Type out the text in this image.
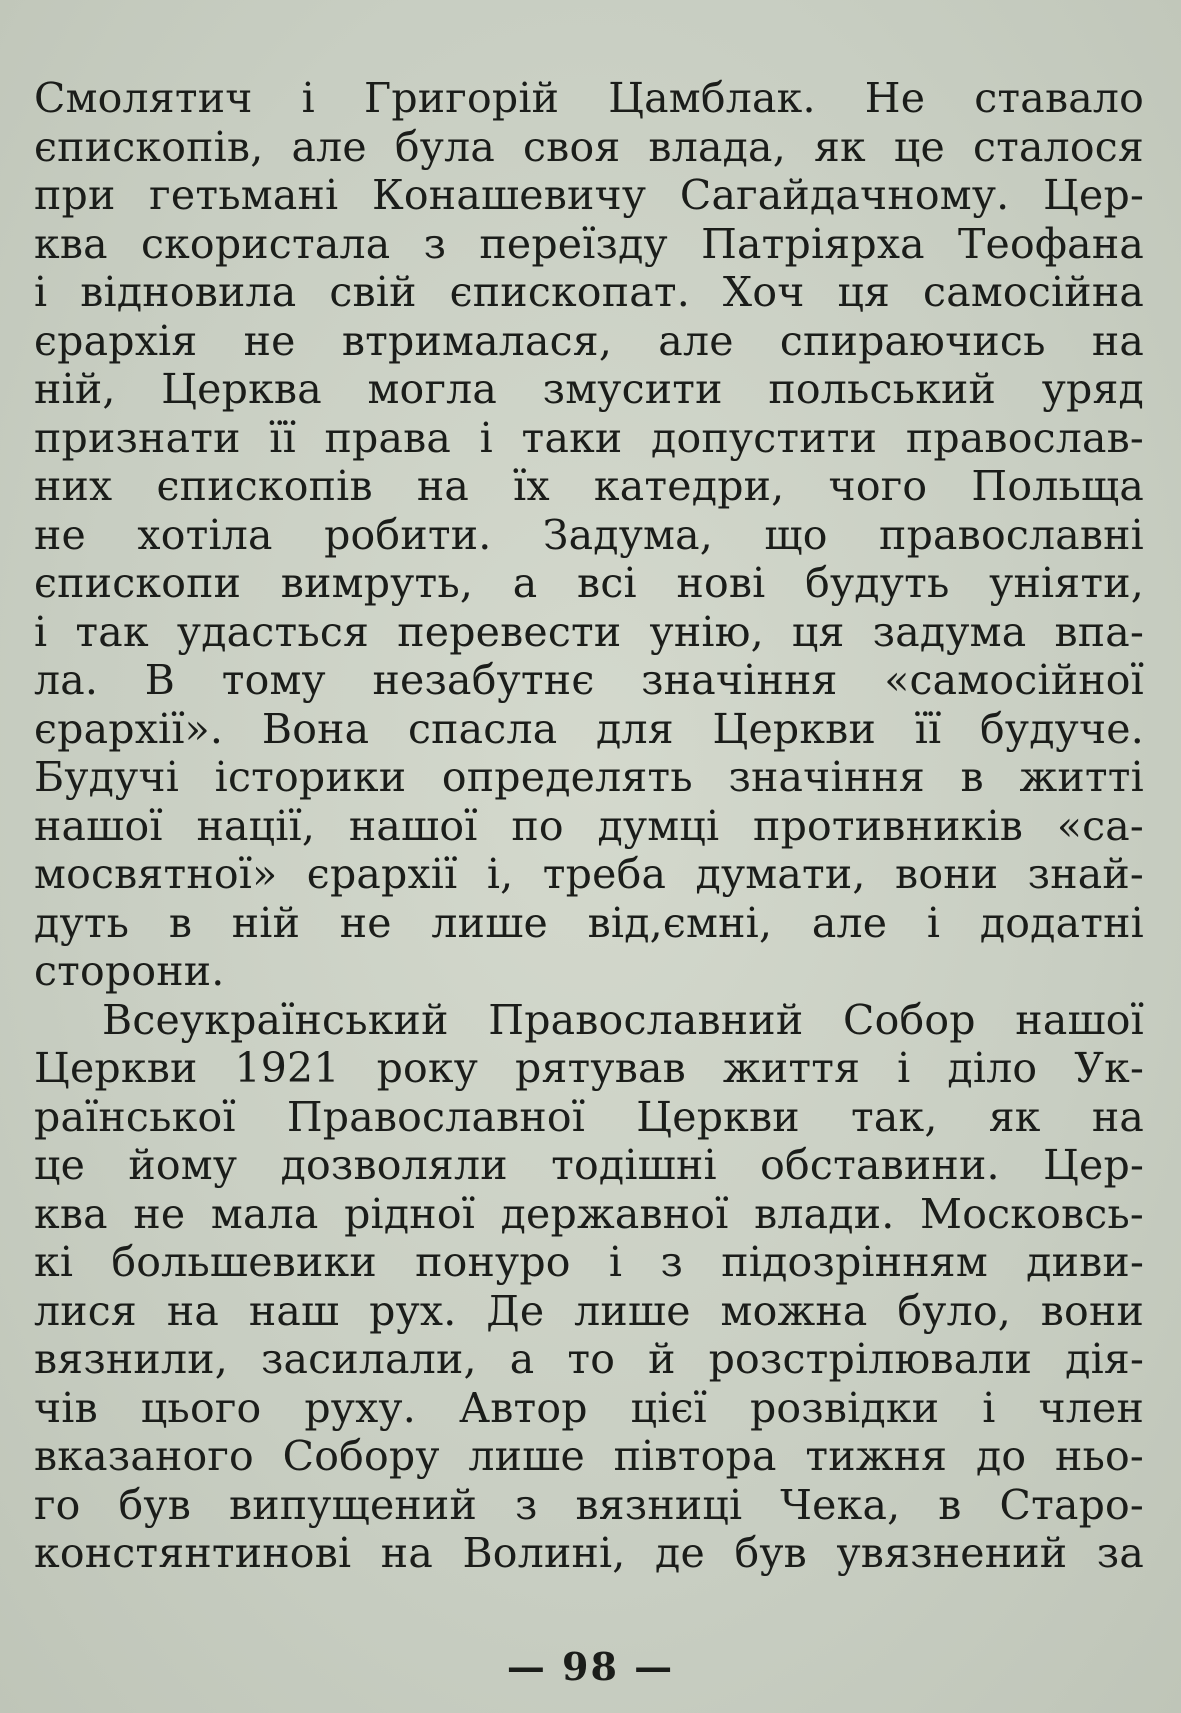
Смолятич і Григорій Цамблак. Не ставало
єпископів, але була своя влада, як це сталося
при гетьмані Конашевичу Сагайдачному. Цер-
ква скористала з переїзду Патріярха Теофана
і відновила свій єпископат. Хоч ця самосійна
єрархія не втрималася, але спираючись на
ній, Церква могла змусити польський уряд
признати її права і таки допустити православ-
них єпископів на їх катедри, чого Польща
не хотіла робити. Задума, що православні
єпископи вимруть, а всі нові будуть уніяти,
і так удасться перевести унію, ця задума впа-
ла. В тому незабутнє значіння «самосійної
єрархії». Вона спасла для Церкви її будуче.
Будучі історики определять значіння в житті
нашої нації, нашої по думці противників «са-
мосвятної» єрархії і, треба думати, вони знай-
дуть в ній не лише від,ємні, але і додатні
сторони.
Всеукраїнський Православний Собор нашої
Церкви 1921 року рятував життя і діло Ук-
раїнської Православної Церкви так, як на
це йому дозволяли тодішні обставини. Цер-
ква не мала рідної державної влади. Московсь-
кі большевики понуро і з підозрінням диви-
лися на наш рух. Де лише можна було, вони
вязнили, засилали, а то й розстрілювали дія-
чів цього руху. Автор цієї розвідки і член
вказаного Собору лише півтора тижня до ньо-
го був випущений з вязниці Чека, в Старо-
констянтинові на Волині, де був увязнений за
— 98 —
